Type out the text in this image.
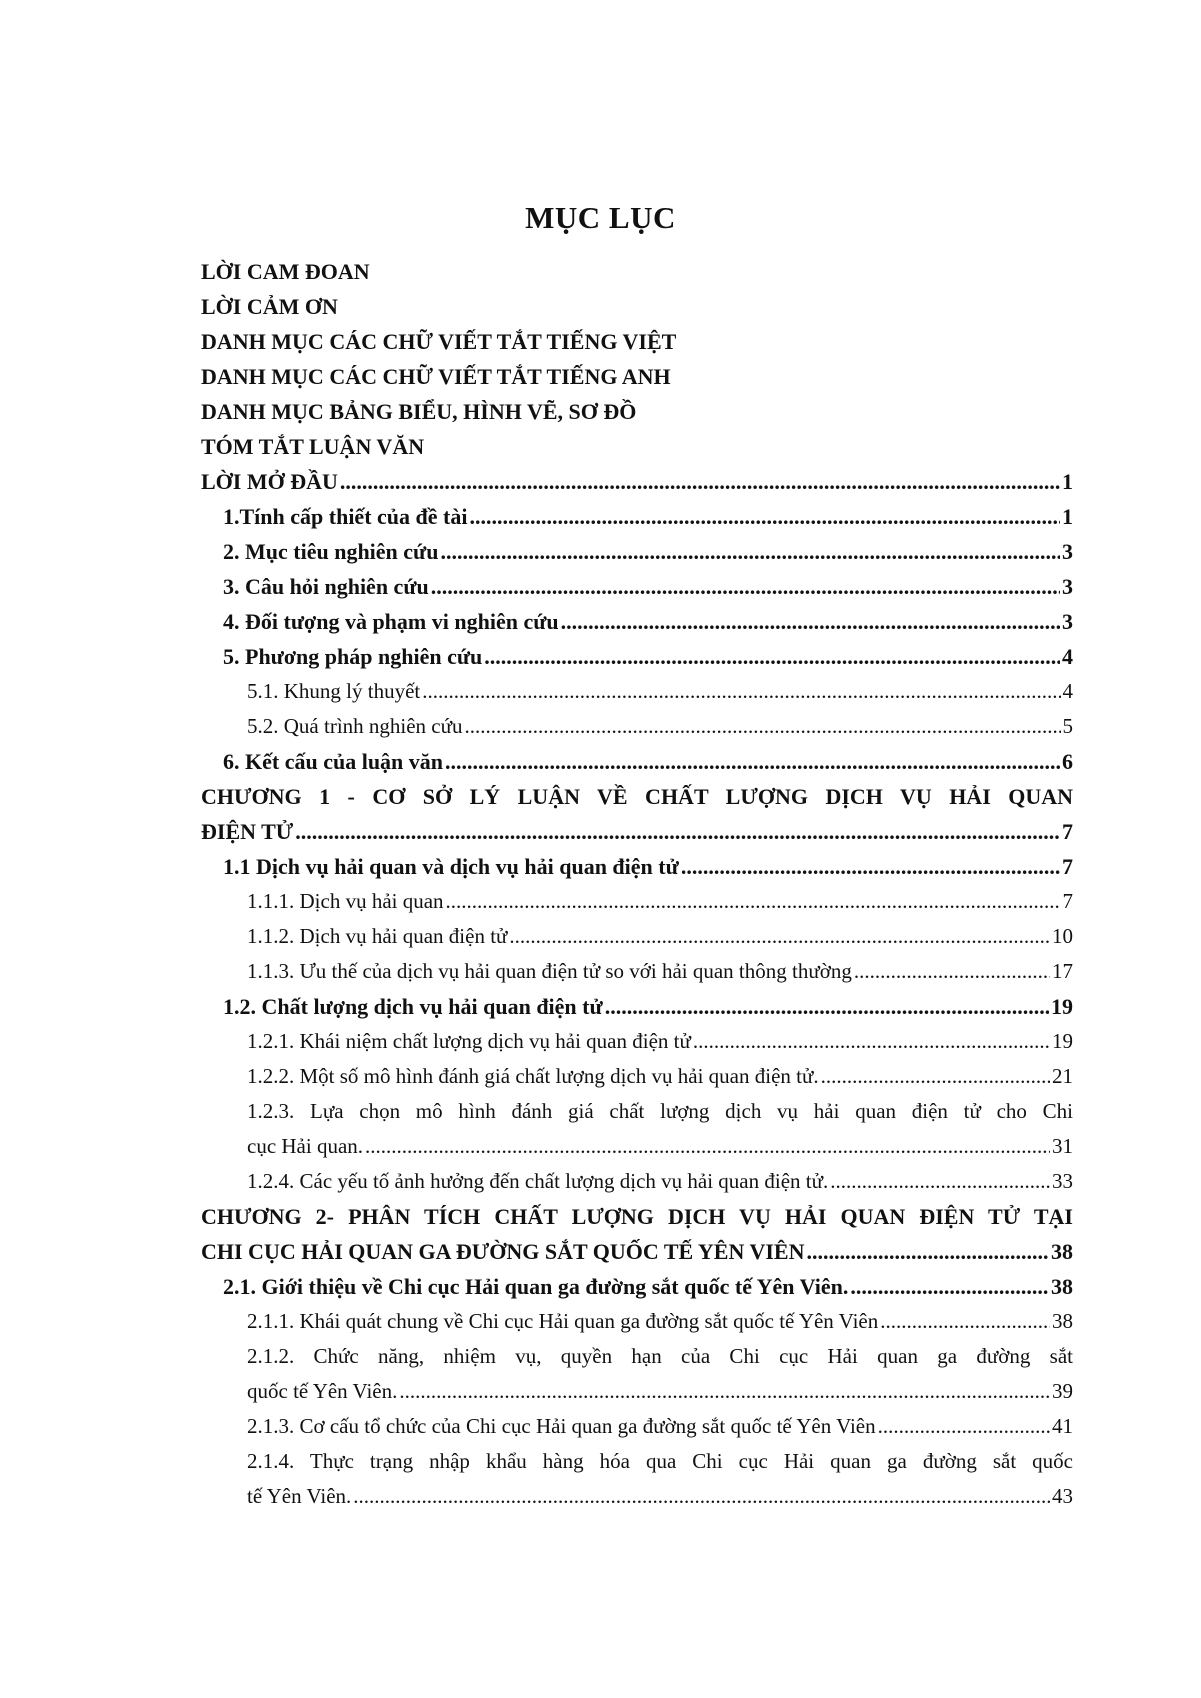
MỤC LỤC
LỜI CAM ĐOAN
LỜI CẢM ƠN
DANH MỤC CÁC CHỮ VIẾT TẮT TIẾNG VIỆT
DANH MỤC CÁC CHỮ VIẾT TẮT TIẾNG ANH
DANH MỤC BẢNG BIỂU, HÌNH VẼ, SƠ ĐỒ
TÓM TẮT LUẬN VĂN
LỜI MỞ ĐẦU .....	1
1.Tính cấp thiết của đề tài .....	1
2. Mục tiêu nghiên cứu .....	3
3. Câu hỏi nghiên cứu .....	3
4. Đối tượng và phạm vi nghiên cứu .....	3
5. Phương pháp nghiên cứu .....	4
5.1. Khung lý thuyết .....	4
5.2. Quá trình nghiên cứu .....	5
6. Kết cấu của luận văn .....	6
CHƯƠNG 1 - CƠ SỞ LÝ LUẬN VỀ CHẤT LƯỢNG DỊCH VỤ HẢI QUAN
ĐIỆN TỬ .....	7
1.1 Dịch vụ hải quan và dịch vụ hải quan điện tử .....	7
1.1.1. Dịch vụ hải quan .....	7
1.1.2. Dịch vụ hải quan điện tử .....	10
1.1.3. Ưu thế của dịch vụ hải quan điện tử so với hải quan thông thường .....	17
1.2. Chất lượng dịch vụ hải quan điện tử .....	19
1.2.1. Khái niệm chất lượng dịch vụ hải quan điện tử .....	19
1.2.2. Một số mô hình đánh giá chất lượng dịch vụ hải quan điện tử. .....	21
1.2.3. Lựa chọn mô hình đánh giá chất lượng dịch vụ hải quan điện tử cho Chi
cục Hải quan. .....	31
1.2.4. Các yếu tố ảnh hưởng đến chất lượng dịch vụ hải quan điện tử. .....	33
CHƯƠNG 2- PHÂN TÍCH CHẤT LƯỢNG DỊCH VỤ HẢI QUAN ĐIỆN TỬ TẠI
CHI CỤC HẢI QUAN GA ĐƯỜNG SẮT QUỐC TẾ YÊN VIÊN .....	38
2.1. Giới thiệu về Chi cục Hải quan ga đường sắt quốc tế Yên Viên. .....	38
2.1.1. Khái quát chung về Chi cục Hải quan ga đường sắt quốc tế Yên Viên .....	38
2.1.2. Chức năng, nhiệm vụ, quyền hạn của Chi cục Hải quan ga đường sắt
quốc tế Yên Viên. .....	39
2.1.3. Cơ cấu tổ chức của Chi cục Hải quan ga đường sắt quốc tế Yên Viên .....	41
2.1.4. Thực trạng nhập khẩu hàng hóa qua Chi cục Hải quan ga đường sắt quốc
tế Yên Viên. .....	43
